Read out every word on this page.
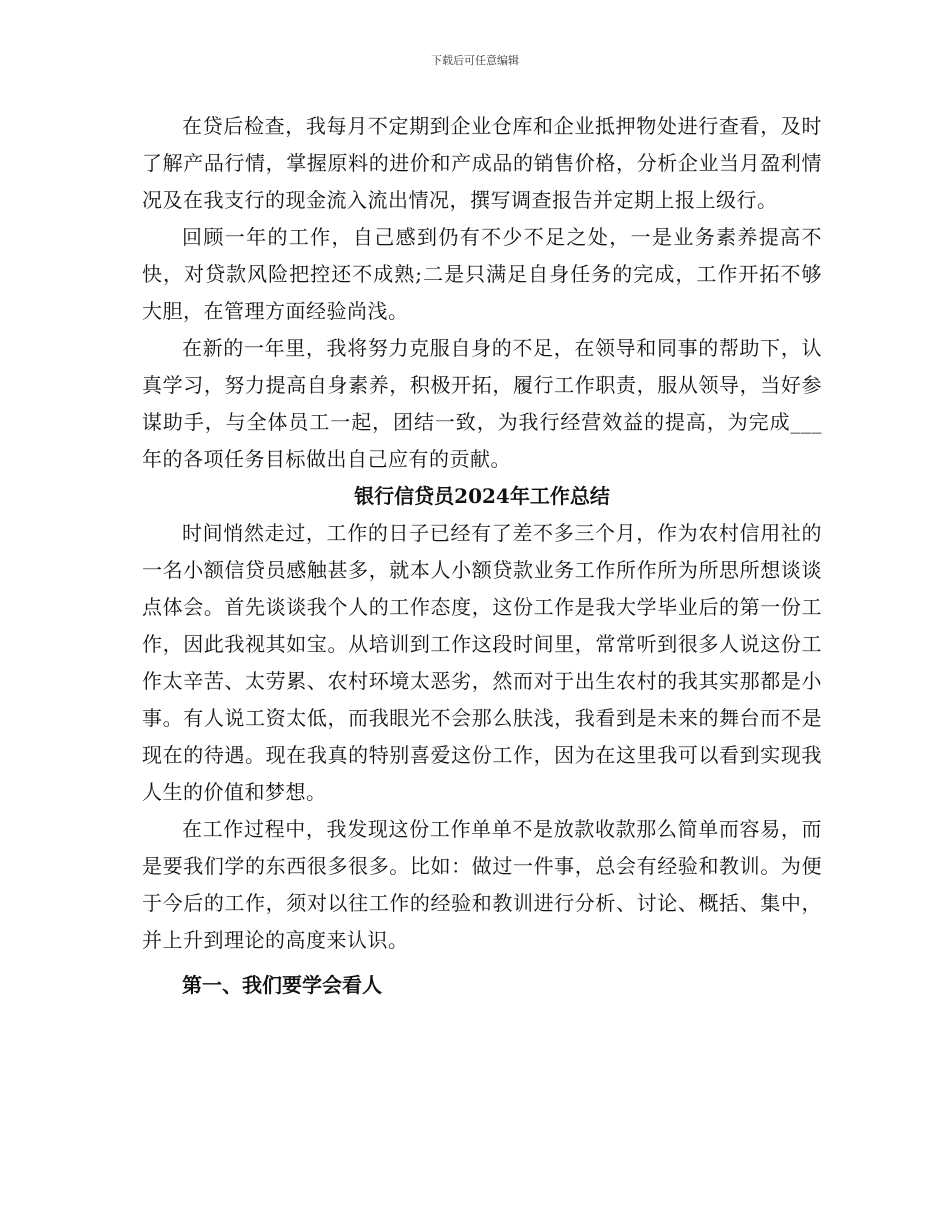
下载后可任意编辑

在贷后检查，我每月不定期到企业仓库和企业抵押物处进行查看，及时了解产品行情，掌握原料的进价和产成品的销售价格，分析企业当月盈利情况及在我支行的现金流入流出情况，撰写调查报告并定期上报上级行。

回顾一年的工作，自己感到仍有不少不足之处，一是业务素养提高不快，对贷款风险把控还不成熟;二是只满足自身任务的完成，工作开拓不够大胆，在管理方面经验尚浅。

在新的一年里，我将努力克服自身的不足，在领导和同事的帮助下，认真学习，努力提高自身素养，积极开拓，履行工作职责，服从领导，当好参谋助手，与全体员工一起，团结一致，为我行经营效益的提高，为完成___年的各项任务目标做出自己应有的贡献。

银行信贷员2024年工作总结

时间悄然走过，工作的日子已经有了差不多三个月，作为农村信用社的一名小额信贷员感触甚多，就本人小额贷款业务工作所作所为所思所想谈谈点体会。首先谈谈我个人的工作态度，这份工作是我大学毕业后的第一份工作，因此我视其如宝。从培训到工作这段时间里，常常听到很多人说这份工作太辛苦、太劳累、农村环境太恶劣，然而对于出生农村的我其实那都是小事。有人说工资太低，而我眼光不会那么肤浅，我看到是未来的舞台而不是现在的待遇。现在我真的特别喜爱这份工作，因为在这里我可以看到实现我人生的价值和梦想。

在工作过程中，我发现这份工作单单不是放款收款那么简单而容易，而是要我们学的东西很多很多。比如：做过一件事，总会有经验和教训。为便于今后的工作，须对以往工作的经验和教训进行分析、讨论、概括、集中，并上升到理论的高度来认识。

第一、我们要学会看人
